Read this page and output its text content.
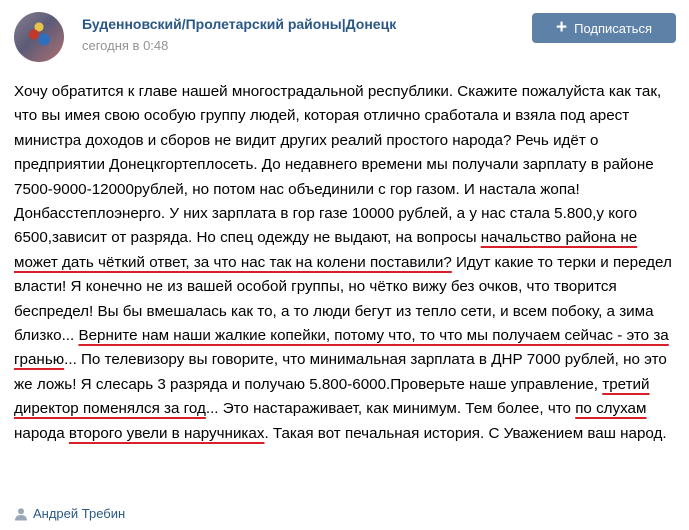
Буденновский/Пролетарский районы|Донецк
сегодня в 0:48
+ Подписаться
Хочу обратится к главе нашей многострадальной республики. Скажите пожалуйста как так, что вы имея свою особую группу людей, которая отлично сработала и взяла под арест министра доходов и сборов не видит других реалий простого народа? Речь идёт о предприятии Донецкгортеплосеть. До недавнего времени мы получали зарплату в районе 7500-9000-12000рублей, но потом нас объединили с гор газом. И настала жопа! Донбасстеплоэнерго. У них зарплата в гор газе 10000 рублей, а у нас стала 5.800,у кого 6500,зависит от разряда. Но спец одежду не выдают, на вопросы начальство района не может дать чёткий ответ, за что нас так на колени поставили? Идут какие то терки и передел власти! Я конечно не из вашей особой группы, но чётко вижу без очков, что творится беспредел! Вы бы вмешалась как то, а то люди бегут из тепло сети, и всем побоку, а зима близко... Верните нам наши жалкие копейки, потому что, то что мы получаем сейчас - это за гранью... По телевизору вы говорите, что минимальная зарплата в ДНР 7000 рублей, но это же ложь! Я слесарь 3 разряда и получаю 5.800-6000.Проверьте наше управление, третий директор поменялся за год... Это настараживает, как минимум. Тем более, что по слухам народа второго увели в наручниках. Такая вот печальная история. С Уважением ваш народ.
Андрей Требин
